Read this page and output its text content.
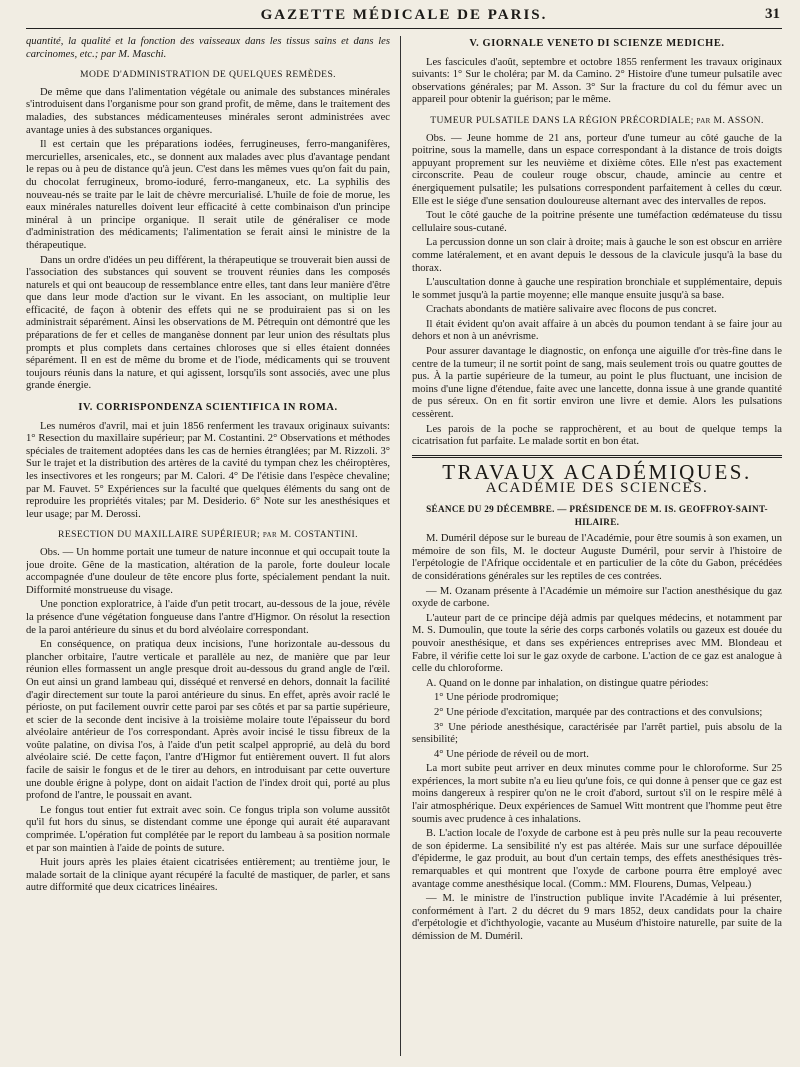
GAZETTE MÉDICALE DE PARIS.	31

quantité, la qualité et la fonction des vaisseaux dans les tissus sains et dans les carcinomes, etc.; par M. Maschi.

MODE D'ADMINISTRATION DE QUELQUES REMÈDES.

De même que dans l'alimentation végétale ou animale des substances minérales s'introduisent dans l'organisme pour son grand profit, de même, dans le traitement des maladies, des substances médicamenteuses minérales seront administrées avec avantage unies à des substances organiques.

Il est certain que les préparations iodées, ferrugineuses, ferro-manganifères, mercurielles, arsenicales, etc., se donnent aux malades avec plus d'avantage pendant le repas ou à peu de distance qu'à jeun. C'est dans les mêmes vues qu'on fait du pain, du chocolat ferrugineux, bromo-ioduré, ferro-manganeux, etc. La syphilis des nouveau-nés se traite par le lait de chèvre mercurialisé. L'huile de foie de morue, les eaux minérales naturelles doivent leur efficacité à cette combinaison d'un principe minéral à un principe organique. Il serait utile de généraliser ce mode d'administration des médicaments; l'alimentation se ferait ainsi le ministre de la thérapeutique.

Dans un ordre d'idées un peu différent, la thérapeutique se trouverait bien aussi de l'association des substances qui souvent se trouvent réunies dans les composés naturels et qui ont beaucoup de ressemblance entre elles, tant dans leur manière d'être que dans leur mode d'action sur le vivant. En les associant, on multiplie leur efficacité, de façon à obtenir des effets qui ne se produiraient pas si on les administrait séparément. Ainsi les observations de M. Pétrequin ont démontré que les préparations de fer et celles de manganèse donnent par leur union des résultats plus prompts et plus complets dans certaines chloroses que si elles étaient données séparément. Il en est de même du brome et de l'iode, médicaments qui se trouvent toujours réunis dans la nature, et qui agissent, lorsqu'ils sont associés, avec une plus grande énergie.

IV. CORRISPONDENZA SCIENTIFICA IN ROMA.

Les numéros d'avril, mai et juin 1856 renferment les travaux originaux suivants: 1° Resection du maxillaire supérieur; par M. Costantini. 2° Observations et méthodes spéciales de traitement adoptées dans les cas de hernies étranglées; par M. Rizzoli. 3° Sur le trajet et la distribution des artères de la cavité du tympan chez les chéiroptères, les insectivores et les rongeurs; par M. Calori. 4° De l'étisie dans l'espèce chevaline; par M. Fauvet. 5° Expériences sur la faculté que quelques éléments du sang ont de reproduire les propriétés vitales; par M. Desiderio. 6° Note sur les anesthésiques et leur usage; par M. Derossi.

RESECTION DU MAXILLAIRE SUPÉRIEUR; par M. COSTANTINI.

Obs. — Un homme portait une tumeur de nature inconnue et qui occupait toute la joue droite. Gêne de la mastication, altération de la parole, forte douleur locale accompagnée d'une douleur de tête encore plus forte, spécialement pendant la nuit. Difformité monstrueuse du visage.

Une ponction exploratrice, à l'aide d'un petit trocart, au-dessous de la joue, révèle la présence d'une végétation fongueuse dans l'antre d'Higmor. On résolut la resection de la paroi antérieure du sinus et du bord alvéolaire correspondant.

En conséquence, on pratiqua deux incisions, l'une horizontale au-dessous du plancher orbitaire, l'autre verticale et parallèle au nez, de manière que par leur réunion elles formassent un angle presque droit au-dessous du grand angle de l'œil. On eut ainsi un grand lambeau qui, disséqué et renversé en dehors, donnait la facilité d'agir directement sur toute la paroi antérieure du sinus. En effet, après avoir raclé le périoste, on put facilement ouvrir cette paroi par ses côtés et par sa partie supérieure, et scier de la seconde dent incisive à la troisième molaire toute l'épaisseur du bord alvéolaire antérieur de l'os correspondant. Après avoir incisé le tissu fibreux de la voûte palatine, on divisa l'os, à l'aide d'un petit scalpel approprié, au delà du bord alvéolaire scié. De cette façon, l'antre d'Higmor fut entièrement ouvert. Il fut alors facile de saisir le fongus et de le tirer au dehors, en introduisant par cette ouverture une double érigne à polype, dont on aidait l'action de l'index droit qui, porté au plus profond de l'antre, le poussait en avant.

Le fongus tout entier fut extrait avec soin. Ce fongus tripla son volume aussitôt qu'il fut hors du sinus, se distendant comme une éponge qui aurait été auparavant comprimée. L'opération fut complétée par le report du lambeau à sa position normale et par son maintien à l'aide de points de suture.

Huit jours après les plaies étaient cicatrisées entièrement; au trentième jour, le malade sortait de la clinique ayant récupéré la faculté de mastiquer, de parler, et sans autre difformité que deux cicatrices linéaires.

V. GIORNALE VENETO DI SCIENZE MEDICHE.

Les fascicules d'août, septembre et octobre 1855 renferment les travaux originaux suivants: 1° Sur le choléra; par M. da Camino. 2° Histoire d'une tumeur pulsatile avec observations générales; par M. Asson. 3° Sur la fracture du col du fémur avec un appareil pour obtenir la guérison; par le même.

TUMEUR PULSATILE DANS LA RÉGION PRÉCORDIALE; par M. ASSON.

Obs. — Jeune homme de 21 ans, porteur d'une tumeur au côté gauche de la poitrine, sous la mamelle, dans un espace correspondant à la distance de trois doigts appuyant proprement sur les neuvième et dixième côtes. Elle n'est pas exactement circonscrite. Peau de couleur rouge obscur, chaude, amincie au centre et énergiquement pulsatile; les pulsations correspondent parfaitement à celles du cœur. Elle est le siége d'une sensation douloureuse alternant avec des intervalles de repos.

Tout le côté gauche de la poitrine présente une tuméfaction œdémateuse du tissu cellulaire sous-cutané.

La percussion donne un son clair à droite; mais à gauche le son est obscur en arrière comme latéralement, et en avant depuis le dessous de la clavicule jusqu'à la base du thorax.

L'auscultation donne à gauche une respiration bronchiale et supplémentaire, depuis le sommet jusqu'à la partie moyenne; elle manque ensuite jusqu'à sa base.

Crachats abondants de matière salivaire avec flocons de pus concret.

Il était évident qu'on avait affaire à un abcès du poumon tendant à se faire jour au dehors et non à un anévrisme.

Pour assurer davantage le diagnostic, on enfonça une aiguille d'or très-fine dans le centre de la tumeur; il ne sortit point de sang, mais seulement trois ou quatre gouttes de pus. À la partie supérieure de la tumeur, au point le plus fluctuant, une incision de moins d'une ligne d'étendue, faite avec une lancette, donna issue à une grande quantité de pus séreux. On en fit sortir environ une livre et demie. Alors les pulsations cessèrent.

Les parois de la poche se rapprochèrent, et au bout de quelque temps la cicatrisation fut parfaite. Le malade sortit en bon état.

TRAVAUX ACADÉMIQUES.
ACADÉMIE DES SCIENCES.
SÉANCE DU 29 DÉCEMBRE. — PRÉSIDENCE DE M. IS. GEOFFROY-SAINT-HILAIRE.

M. Duméril dépose sur le bureau de l'Académie, pour être soumis à son examen, un mémoire de son fils, M. le docteur Auguste Duméril, pour servir à l'histoire de l'erpétologie de l'Afrique occidentale et en particulier de la côte du Gabon, précédées de considérations générales sur les reptiles de ces contrées.

— M. Ozanam présente à l'Académie un mémoire sur l'action anesthésique du gaz oxyde de carbone.

L'auteur part de ce principe déjà admis par quelques médecins, et notamment par M. S. Dumoulin, que toute la série des corps carbonés volatils ou gazeux est douée du pouvoir anesthésique, et dans ses expériences entreprises avec MM. Blondeau et Fabre, il vérifie cette loi sur le gaz oxyde de carbone. L'action de ce gaz est analogue à celle du chloroforme.

A. Quand on le donne par inhalation, on distingue quatre périodes:

1° Une période prodromique;

2° Une période d'excitation, marquée par des contractions et des convulsions;

3° Une période anesthésique, caractérisée par l'arrêt partiel, puis absolu de la sensibilité;

4° Une période de réveil ou de mort.

La mort subite peut arriver en deux minutes comme pour le chloroforme. Sur 25 expériences, la mort subite n'a eu lieu qu'une fois, ce qui donne à penser que ce gaz est moins dangereux à respirer qu'on ne le croit d'abord, surtout s'il on le respire mêlé à l'air atmosphérique. Deux expériences de Samuel Witt montrent que l'homme peut être soumis avec prudence à ces inhalations.

B. L'action locale de l'oxyde de carbone est à peu près nulle sur la peau recouverte de son épiderme. La sensibilité n'y est pas altérée. Mais sur une surface dépouillée d'épiderme, le gaz produit, au bout d'un certain temps, des effets anesthésiques très-remarquables et qui montrent que l'oxyde de carbone pourra être employé avec avantage comme anesthésique local. (Comm.: MM. Flourens, Dumas, Velpeau.)

— M. le ministre de l'instruction publique invite l'Académie à lui présenter, conformément à l'art. 2 du décret du 9 mars 1852, deux candidats pour la chaire d'erpétologie et d'ichthyologie, vacante au Muséum d'histoire naturelle, par suite de la démission de M. Duméril.
